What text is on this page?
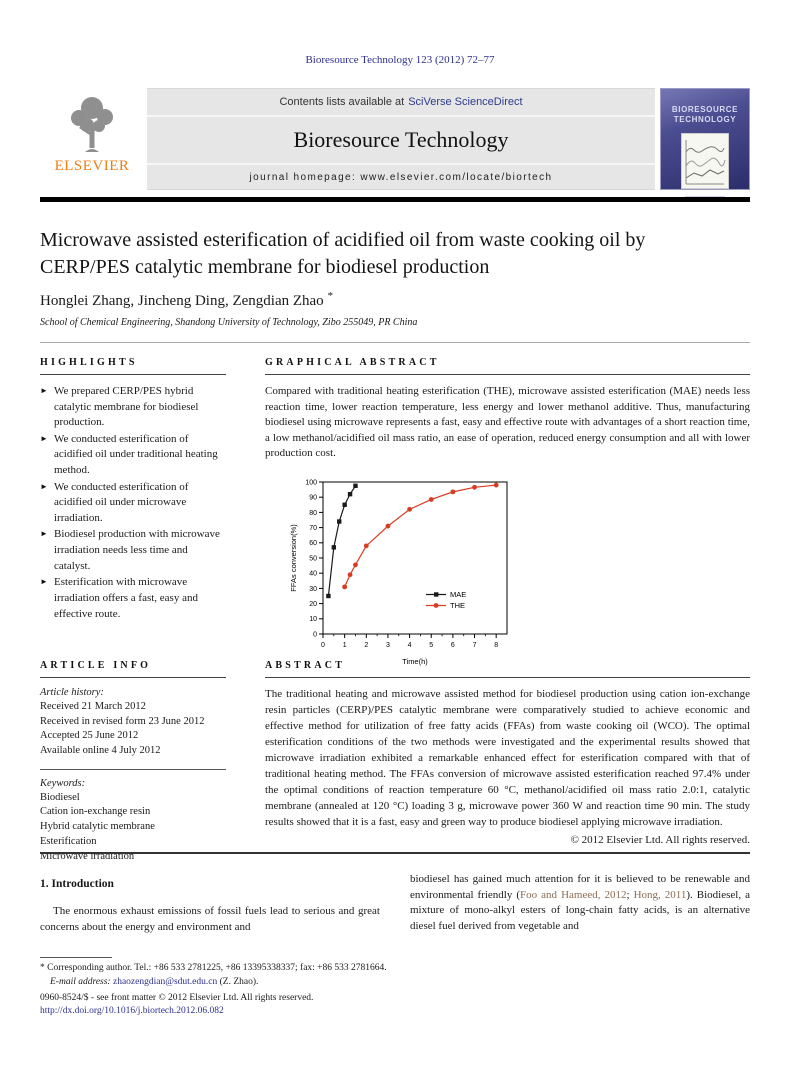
Bioresource Technology 123 (2012) 72–77
ELSEVIER
Contents lists available at SciVerse ScienceDirect
Bioresource Technology
journal homepage: www.elsevier.com/locate/biortech
BIORESOURCE
TECHNOLOGY
Microwave assisted esterification of acidified oil from waste cooking oil by CERP/PES catalytic membrane for biodiesel production
Honglei Zhang, Jincheng Ding, Zengdian Zhao *
School of Chemical Engineering, Shandong University of Technology, Zibo 255049, PR China
HIGHLIGHTS
► We prepared CERP/PES hybrid catalytic membrane for biodiesel production.
► We conducted esterification of acidified oil under traditional heating method.
► We conducted esterification of acidified oil under microwave irradiation.
► Biodiesel production with microwave irradiation needs less time and catalyst.
► Esterification with microwave irradiation offers a fast, easy and effective route.
GRAPHICAL ABSTRACT
Compared with traditional heating esterification (THE), microwave assisted esterification (MAE) needs less reaction time, lower reaction temperature, less energy and lower methanol additive. Thus, manufacturing biodiesel using microwave represents a fast, easy and effective route with advantages of a short reaction time, a low methanol/acidified oil mass ratio, an ease of operation, reduced energy consumption and all with lower production cost.
0	1	2	3	4	5	6	7	8
0
10
20
30
40
50
60
70
80
90
100
Time(h)
FFAs conversion(%)
MAE
THE
ARTICLE INFO
Article history:
Received 21 March 2012
Received in revised form 23 June 2012
Accepted 25 June 2012
Available online 4 July 2012
Keywords:
Biodiesel
Cation ion-exchange resin
Hybrid catalytic membrane
Esterification
Microwave irradiation
ABSTRACT
The traditional heating and microwave assisted method for biodiesel production using cation ion-exchange resin particles (CERP)/PES catalytic membrane were comparatively studied to achieve economic and effective method for utilization of free fatty acids (FFAs) from waste cooking oil (WCO). The optimal esterification conditions of the two methods were investigated and the experimental results showed that microwave irradiation exhibited a remarkable enhanced effect for esterification compared with that of traditional heating method. The FFAs conversion of microwave assisted esterification reached 97.4% under the optimal conditions of reaction temperature 60 °C, methanol/acidified oil mass ratio 2.0:1, catalytic membrane (annealed at 120 °C) loading 3 g, microwave power 360 W and reaction time 90 min. The study results showed that it is a fast, easy and green way to produce biodiesel applying microwave irradiation.
© 2012 Elsevier Ltd. All rights reserved.
1. Introduction

The enormous exhaust emissions of fossil fuels lead to serious and great concerns about the energy and environment and

biodiesel has gained much attention for it is believed to be renewable and environmental friendly (Foo and Hameed, 2012; Hong, 2011). Biodiesel, a mixture of mono-alkyl esters of long-chain fatty acids, is an alternative diesel fuel derived from vegetable and

* Corresponding author. Tel.: +86 533 2781225, +86 13395338337; fax: +86 533 2781664.
E-mail address: zhaozengdian@sdut.edu.cn (Z. Zhao).
0960-8524/$ - see front matter © 2012 Elsevier Ltd. All rights reserved.
http://dx.doi.org/10.1016/j.biortech.2012.06.082
